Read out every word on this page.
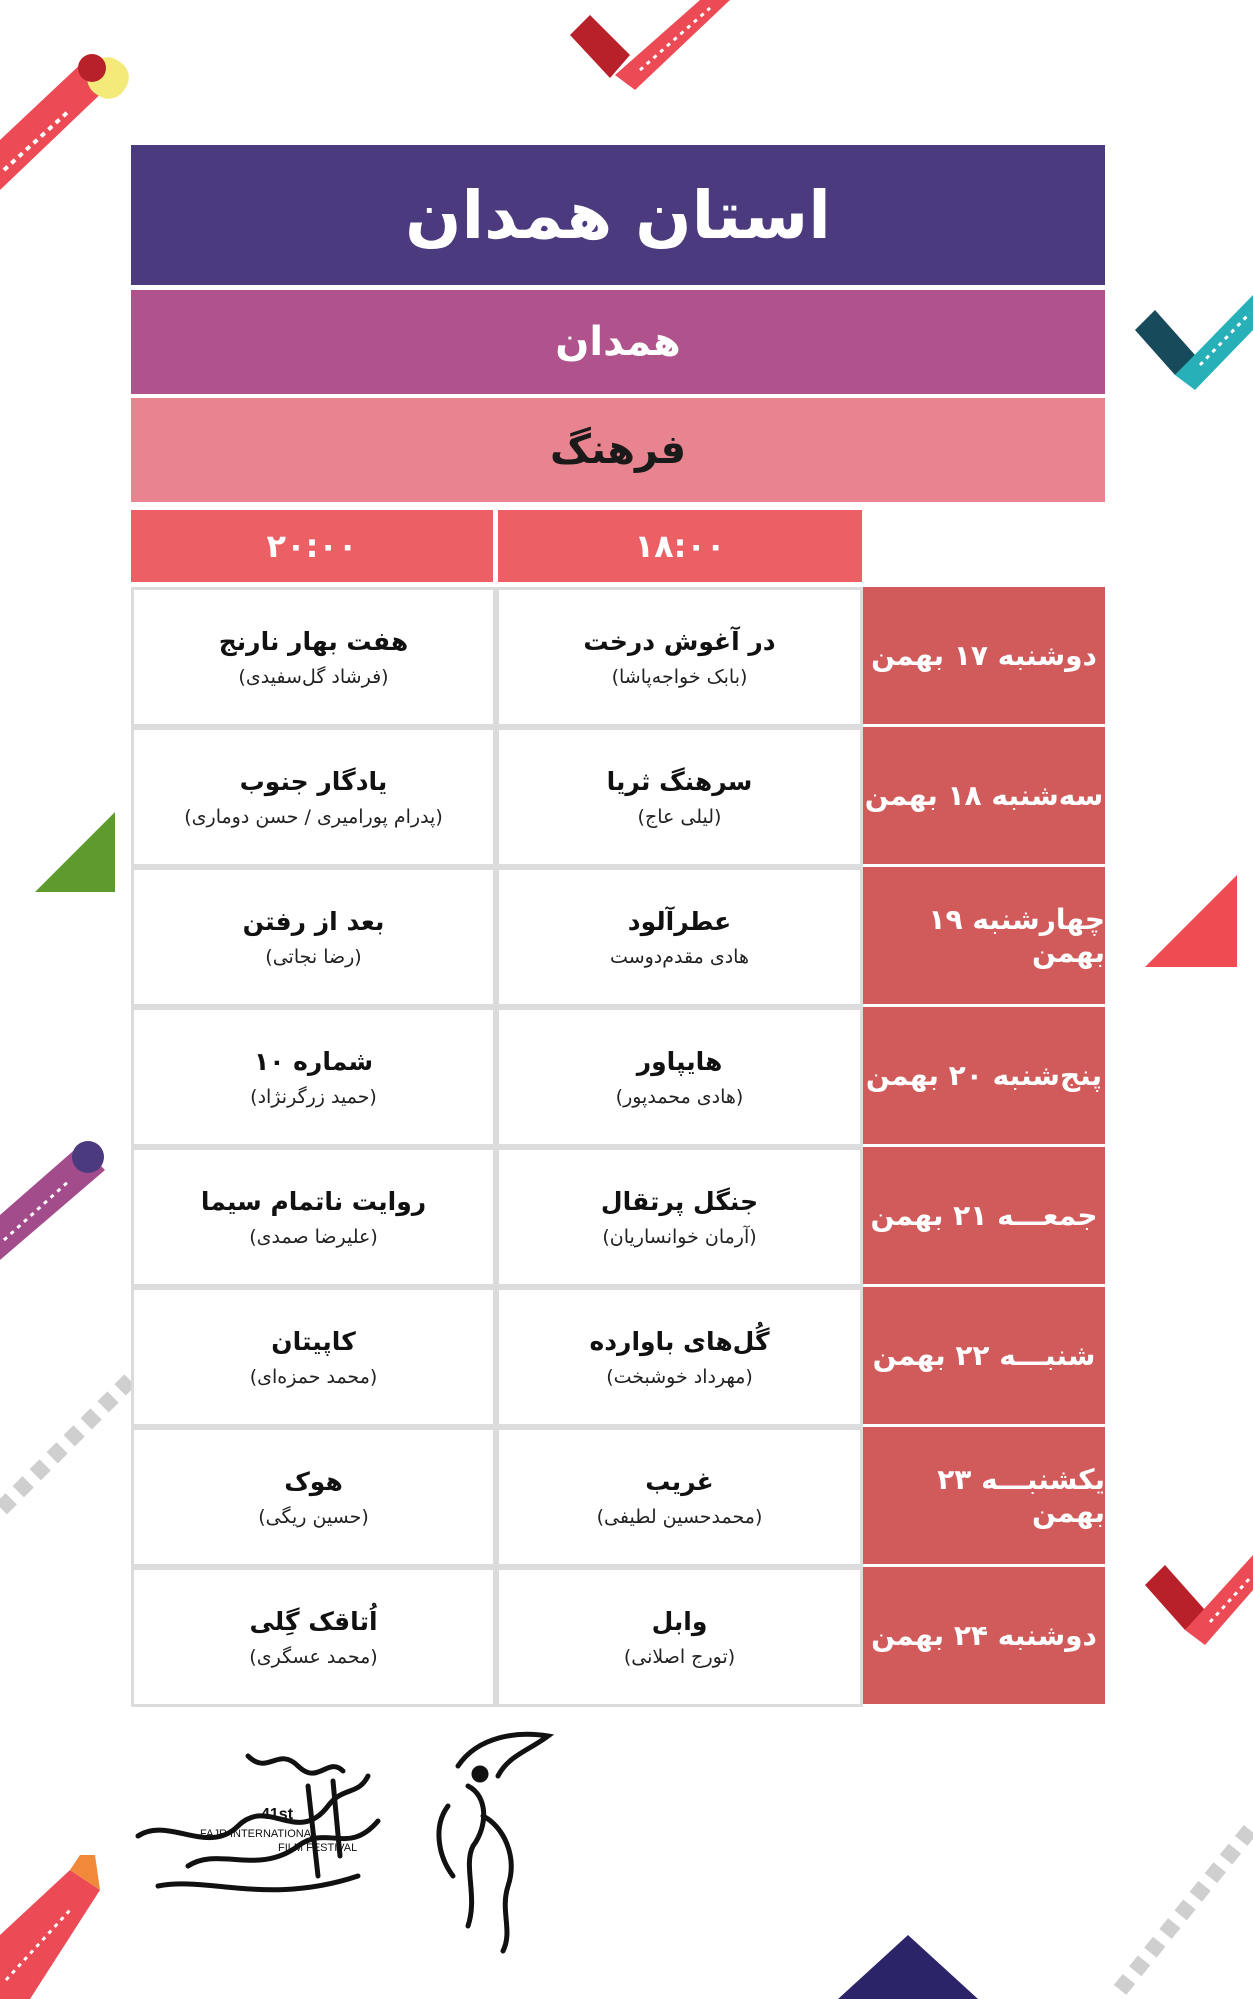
استان همدان
همدان
فرهنگ
۱۸:۰۰
۲۰:۰۰
دوشنبه ۱۷ بهمن
در آغوش درخت
(بابک خواجه‌پاشا)
هفت بهار نارنج
(فرشاد گل‌سفیدی)
سه‌شنبه ۱۸ بهمن
سرهنگ ثریا
(لیلی عاج)
یادگار جنوب
(پدرام پورامیری / حسن دوماری)
چهارشنبه ۱۹ بهمن
عطرآلود
هادی مقدم‌دوست
بعد از رفتن
(رضا نجاتی)
پنج‌شنبه ۲۰ بهمن
هایپاور
(هادی محمدپور)
شماره ۱۰
(حمید زرگرنژاد)
جمعـــه ۲۱ بهمن
جنگل پرتقال
(آرمان خوانساریان)
روایت ناتمام سیما
(علیرضا صمدی)
شنبـــه ۲۲ بهمن
گُل‌های باوارده
(مهرداد خوشبخت)
کاپیتان
(محمد حمزه‌ای)
یکشنبـــه ۲۳ بهمن
غریب
(محمدحسین لطیفی)
هوک
(حسین ریگی)
دوشنبه ۲۴ بهمن
وابل
(تورج اصلانی)
اُتاقک گِلی
(محمد عسگری)
41st
FAJR INTERNATIONAL
FILM FESTIVAL
